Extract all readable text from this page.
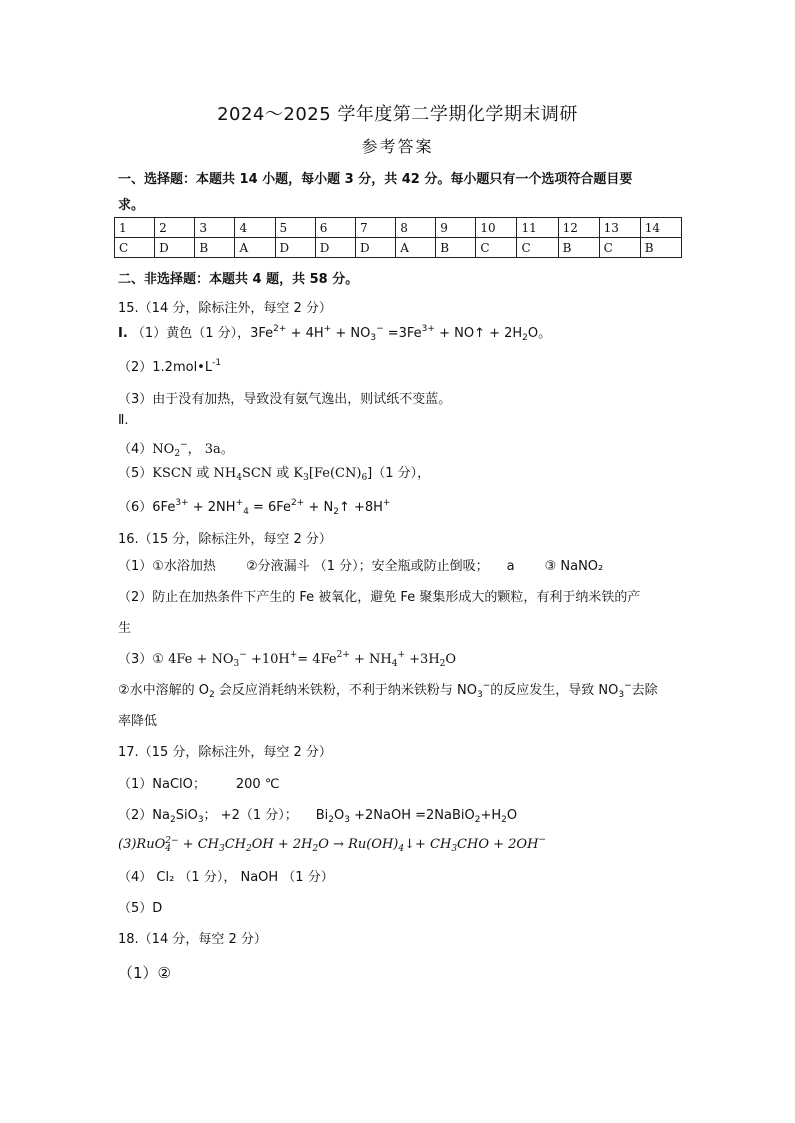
2024～2025 学年度第二学期化学期末调研
参考答案
一、选择题：本题共 14 小题，每小题 3 分，共 42 分。每小题只有一个选项符合题目要
求。
1	2	3	4	5	6	7	8	9	10	11	12	13	14
C	D	B	A	D	D	D	A	B	C	C	B	C	B
二、非选择题：本题共 4 题，共 58 分。
15.（14 分，除标注外，每空 2 分）
I. （1）黄色（1 分），$3Fe^{2+} + 4H^+ + NO_3^- =3Fe^{3+}$ + NO↑ + $2H_2O$。
$(2)1.2mol•L^{-1}$
（3）由于没有加热，导致没有氨气逸出，则试纸不变蓝。
Ⅱ.
$(4)NO_2^-$， 3a。
（5）KSCN 或 $NH_4SCN$ 或 $K_3[Fe(CN)_6](1$ 分），
$(6)6Fe^{3+} + 2NH^+_4 = 6Fe^{2+}$ + $N_2↑ +8H^+$
16.（15 分，除标注外，每空 2 分）
（1）①水浴加热 ②分液漏斗 （1 分）；安全瓶或防止倒吸； a ③ NaNO₂
（2）防止在加热条件下产生的 Fe 被氧化，避免 Fe 聚集形成大的颗粒，有利于纳米铁的产
生
（3）① $4Fe + NO_3^- +10H^+= 4Fe^{2+} + NH_4^+ +3H_2O$
②水中溶解的 $O_2$ 会反应消耗纳米铁粉，不利于纳米铁粉与 $NO_3^-$的反应发生，导致 $NO_3^-$去除
率降低
17.（15 分，除标注外，每空 2 分）
（1）NaClO； 200 ℃
$(2)Na_2SiO_3$； +2（1 分）； $Bi_2O_3$ +2NaOH $=2NaBiO_2+H_2O$
(3)RuO 2−
$4 + CH_3CH_2OH + 2H_2O$ → $Ru(OH)_4↓+ CH_3CHO + 2OH^-$
（4） Cl₂ （1 分）， NaOH （1 分）
（5）D
18.（14 分，每空 2 分）
（1）②
